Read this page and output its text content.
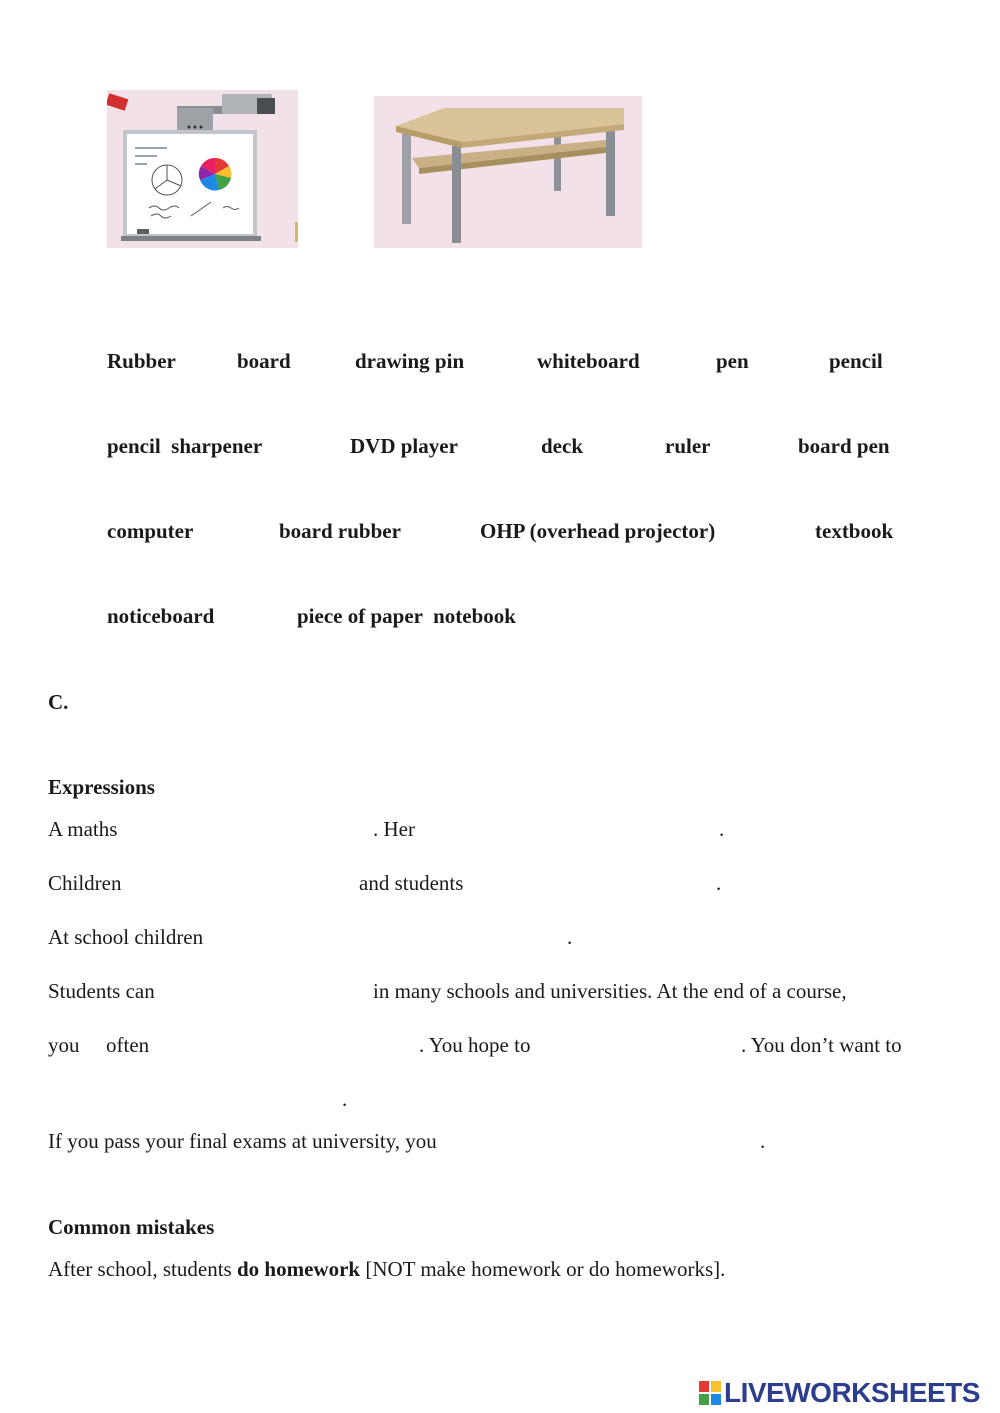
Rubber	board	drawing pin	whiteboard	pen	pencil
pencil  sharpener	DVD player	deck	ruler	board pen
computer	board rubber	OHP (overhead projector)	textbook
noticeboard	piece of paper  notebook
C.
Expressions
A maths	. Her	.
Children	and students	.
At school children	.
Students can	in many schools and universities. At the end of a course,
you often	. You hope to	. You don’t want to
.
If you pass your final exams at university, you	.
Common mistakes
After school, students do homework [NOT make homework or do homeworks].
LIVEWORKSHEETS
